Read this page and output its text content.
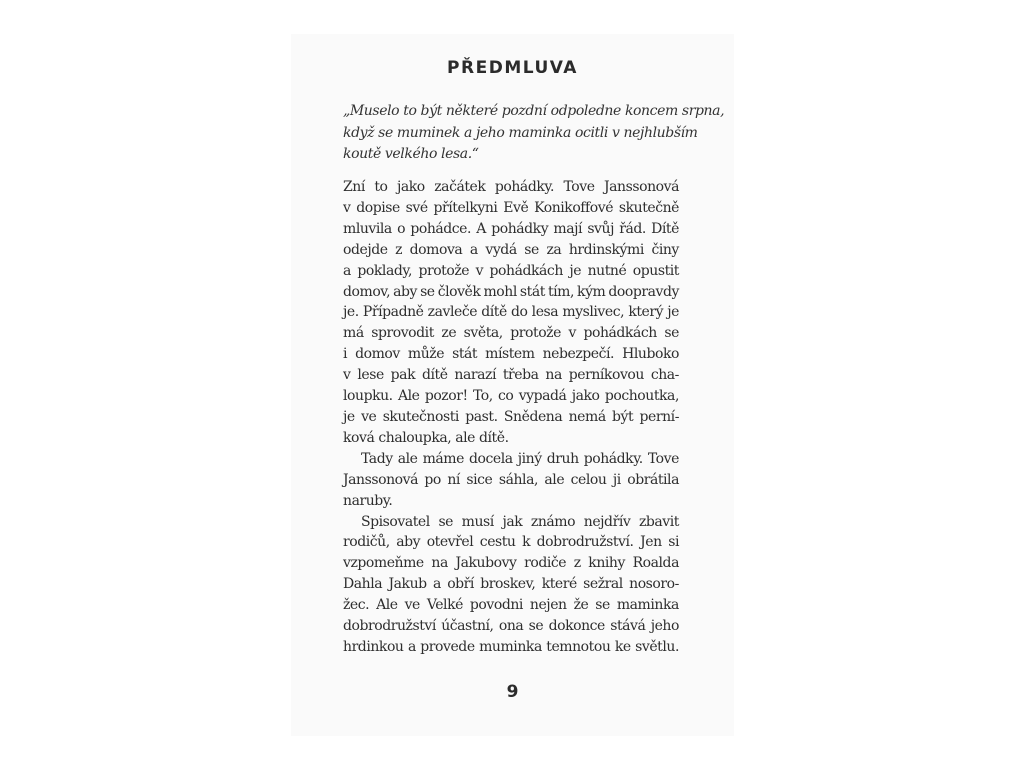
PŘEDMLUVA
„Muselo to být některé pozdní odpoledne koncem srpna,
když se muminek a jeho maminka ocitli v nejhlubším
koutě velkého lesa.“
Zní to jako začátek pohádky. Tove Janssonová
v dopise své přítelkyni Evě Konikoffové skutečně
mluvila o pohádce. A pohádky mají svůj řád. Dítě
odejde z domova a vydá se za hrdinskými činy
a poklady, protože v pohádkách je nutné opustit
domov, aby se člověk mohl stát tím, kým doopravdy
je. Případně zavleče dítě do lesa myslivec, který je
má sprovodit ze světa, protože v pohádkách se
i domov může stát místem nebezpečí. Hluboko
v lese pak dítě narazí třeba na perníkovou cha-
loupku. Ale pozor! To, co vypadá jako pochoutka,
je ve skutečnosti past. Snědena nemá být perní-
ková chaloupka, ale dítě.
Tady ale máme docela jiný druh pohádky. Tove
Janssonová po ní sice sáhla, ale celou ji obrátila
naruby.
Spisovatel se musí jak známo nejdřív zbavit
rodičů, aby otevřel cestu k dobrodružství. Jen si
vzpomeňme na Jakubovy rodiče z knihy Roalda
Dahla Jakub a obří broskev, které sežral nosoro-
žec. Ale ve Velké povodni nejen že se maminka
dobrodružství účastní, ona se dokonce stává jeho
hrdinkou a provede muminka temnotou ke světlu.
9
